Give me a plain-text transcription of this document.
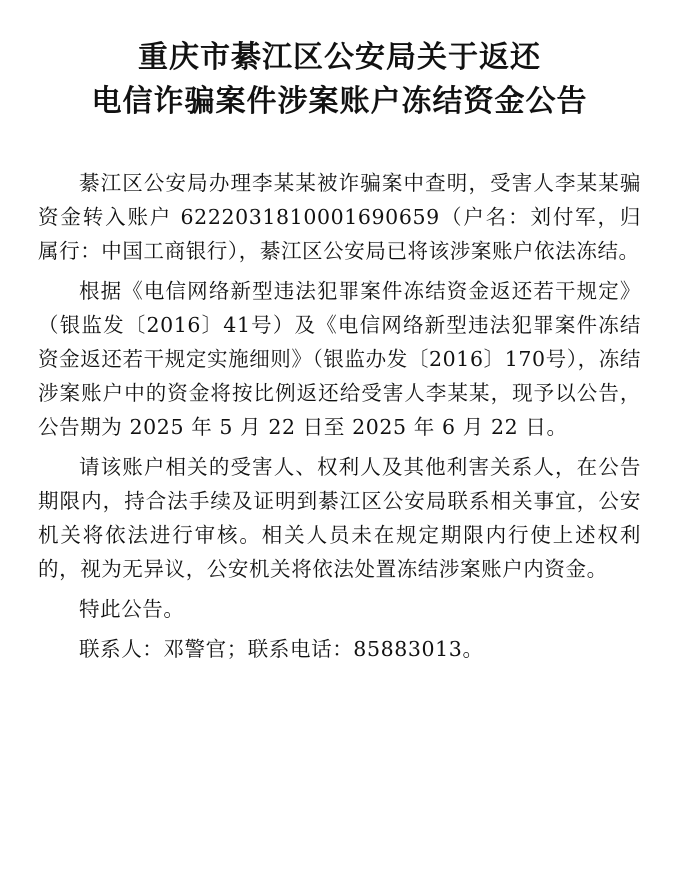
重庆市綦江区公安局关于返还
电信诈骗案件涉案账户冻结资金公告

綦江区公安局办理李某某被诈骗案中查明，受害人李某某骗资金转入账户 6222031810001690659（户名：刘付军，归属行：中国工商银行），綦江区公安局已将该涉案账户依法冻结。

根据《电信网络新型违法犯罪案件冻结资金返还若干规定》（银监发〔2016〕41号）及《电信网络新型违法犯罪案件冻结资金返还若干规定实施细则》（银监办发〔2016〕170号），冻结涉案账户中的资金将按比例返还给受害人李某某，现予以公告，公告期为 2025 年 5 月 22 日至 2025 年 6 月 22 日。

请该账户相关的受害人、权利人及其他利害关系人，在公告期限内，持合法手续及证明到綦江区公安局联系相关事宜，公安机关将依法进行审核。相关人员未在规定期限内行使上述权利的，视为无异议，公安机关将依法处置冻结涉案账户内资金。

特此公告。

联系人：邓警官；联系电话：85883013。
